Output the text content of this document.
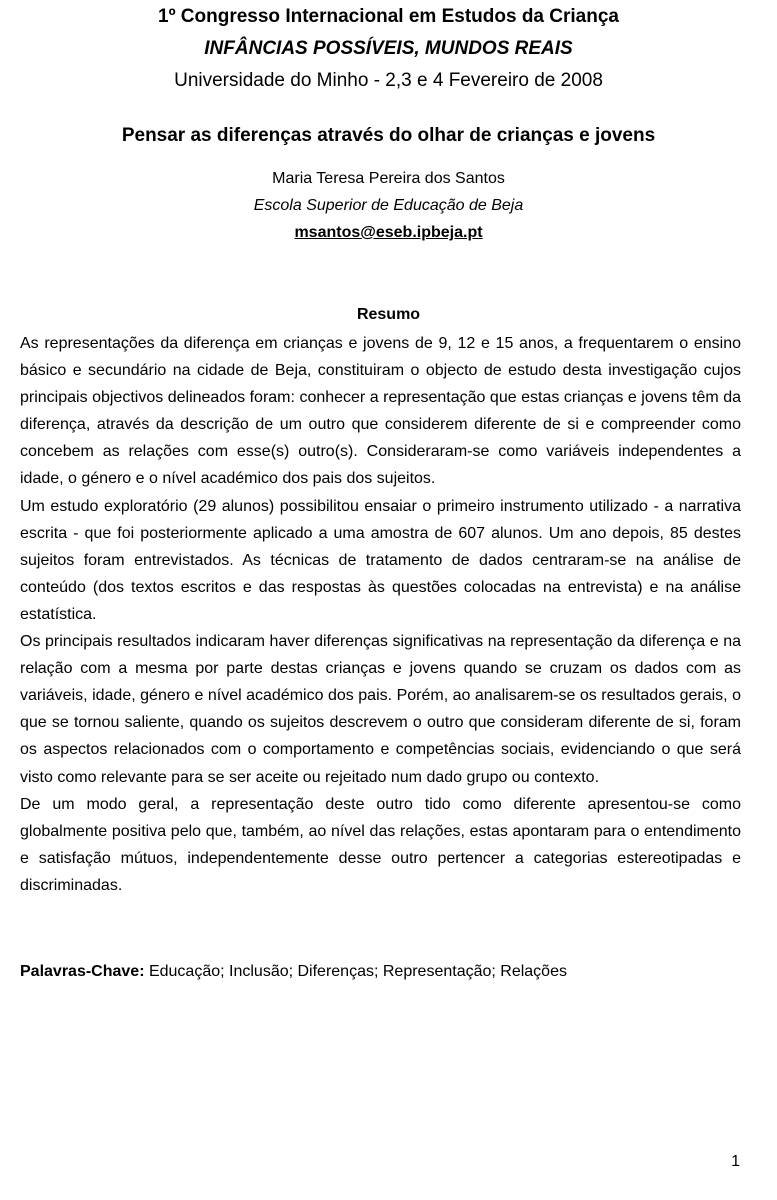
1º Congresso Internacional em Estudos da Criança
INFÂNCIAS POSSÍVEIS, MUNDOS REAIS
Universidade do Minho - 2,3 e 4 Fevereiro de 2008
Pensar as diferenças através do olhar de crianças e jovens
Maria Teresa Pereira dos Santos
Escola Superior de Educação de Beja
msantos@eseb.ipbeja.pt
Resumo

As representações da diferença em crianças e jovens de 9, 12 e 15 anos, a frequentarem o ensino básico e secundário na cidade de Beja, constituiram o objecto de estudo desta investigação cujos principais objectivos delineados foram: conhecer a representação que estas crianças e jovens têm da diferença, através da descrição de um outro que considerem diferente de si e compreender como concebem as relações com esse(s) outro(s). Consideraram-se como variáveis independentes a idade, o género e o nível académico dos pais dos sujeitos.

Um estudo exploratório (29 alunos) possibilitou ensaiar o primeiro instrumento utilizado - a narrativa escrita - que foi posteriormente aplicado a uma amostra de 607 alunos. Um ano depois, 85 destes sujeitos foram entrevistados. As técnicas de tratamento de dados centraram-se na análise de conteúdo (dos textos escritos e das respostas às questões colocadas na entrevista) e na análise estatística.

Os principais resultados indicaram haver diferenças significativas na representação da diferença e na relação com a mesma por parte destas crianças e jovens quando se cruzam os dados com as variáveis, idade, género e nível académico dos pais. Porém, ao analisarem-se os resultados gerais, o que se tornou saliente, quando os sujeitos descrevem o outro que consideram diferente de si, foram os aspectos relacionados com o comportamento e competências sociais, evidenciando o que será visto como relevante para se ser aceite ou rejeitado num dado grupo ou contexto.

De um modo geral, a representação deste outro tido como diferente apresentou-se como globalmente positiva pelo que, também, ao nível das relações, estas apontaram para o entendimento e satisfação mútuos, independentemente desse outro pertencer a categorias estereotipadas e discriminadas.

Palavras-Chave: Educação; Inclusão; Diferenças; Representação; Relações
1
